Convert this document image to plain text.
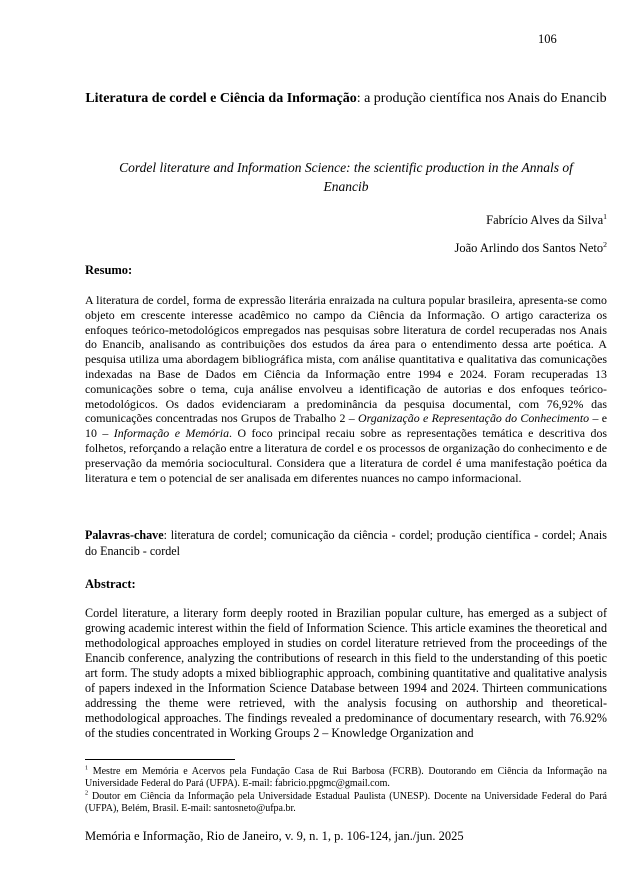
106
Literatura de cordel e Ciência da Informação: a produção científica nos Anais do Enancib
Cordel literature and Information Science: the scientific production in the Annals of Enancib
Fabrício Alves da Silva$^1$
João Arlindo dos Santos Neto$^2$
Resumo:

A literatura de cordel, forma de expressão literária enraizada na cultura popular brasileira, apresenta-se como objeto em crescente interesse acadêmico no campo da Ciência da Informação. O artigo caracteriza os enfoques teórico-metodológicos empregados nas pesquisas sobre literatura de cordel recuperadas nos Anais do Enancib, analisando as contribuições dos estudos da área para o entendimento dessa arte poética. A pesquisa utiliza uma abordagem bibliográfica mista, com análise quantitativa e qualitativa das comunicações indexadas na Base de Dados em Ciência da Informação entre 1994 e 2024. Foram recuperadas 13 comunicações sobre o tema, cuja análise envolveu a identificação de autorias e dos enfoques teórico-metodológicos. Os dados evidenciaram a predominância da pesquisa documental, com 76,92% das comunicações concentradas nos Grupos de Trabalho 2 – Organização e Representação do Conhecimento – e 10 – Informação e Memória. O foco principal recaiu sobre as representações temática e descritiva dos folhetos, reforçando a relação entre a literatura de cordel e os processos de organização do conhecimento e de preservação da memória sociocultural. Considera que a literatura de cordel é uma manifestação poética da literatura e tem o potencial de ser analisada em diferentes nuances no campo informacional.

Palavras-chave: literatura de cordel; comunicação da ciência - cordel; produção científica - cordel; Anais do Enancib - cordel

Abstract:

Cordel literature, a literary form deeply rooted in Brazilian popular culture, has emerged as a subject of growing academic interest within the field of Information Science. This article examines the theoretical and methodological approaches employed in studies on cordel literature retrieved from the proceedings of the Enancib conference, analyzing the contributions of research in this field to the understanding of this poetic art form. The study adopts a mixed bibliographic approach, combining quantitative and qualitative analysis of papers indexed in the Information Science Database between 1994 and 2024. Thirteen communications addressing the theme were retrieved, with the analysis focusing on authorship and theoretical-methodological approaches. The findings revealed a predominance of documentary research, with 76.92% of the studies concentrated in Working Groups 2 – Knowledge Organization and

$^1$ Mestre em Memória e Acervos pela Fundação Casa de Rui Barbosa (FCRB). Doutorando em Ciência da Informação na Universidade Federal do Pará (UFPA). E-mail: fabricio.ppgmc@gmail.com.

$^2$ Doutor em Ciência da Informação pela Universidade Estadual Paulista (UNESP). Docente na Universidade Federal do Pará (UFPA), Belém, Brasil. E-mail: santosneto@ufpa.br.

Memória e Informação, Rio de Janeiro, v. 9, n. 1, p. 106-124, jan./jun. 2025
